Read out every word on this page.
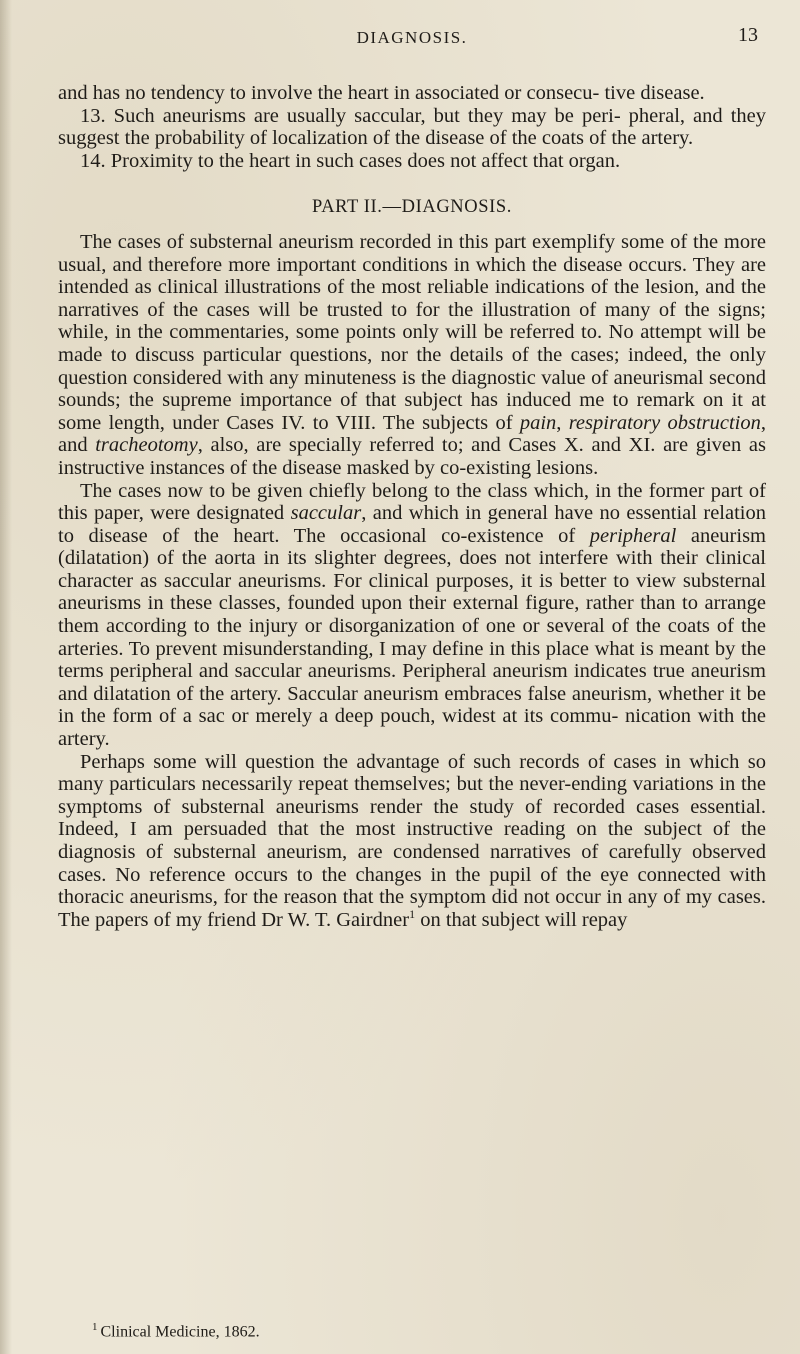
DIAGNOSIS.	13

and has no tendency to involve the heart in associated or consecu- tive disease.

13. Such aneurisms are usually saccular, but they may be peri- pheral, and they suggest the probability of localization of the disease of the coats of the artery.

14. Proximity to the heart in such cases does not affect that organ.

PART II.—DIAGNOSIS.

The cases of substernal aneurism recorded in this part exemplify some of the more usual, and therefore more important conditions in which the disease occurs. They are intended as clinical illustrations of the most reliable indications of the lesion, and the narratives of the cases will be trusted to for the illustration of many of the signs; while, in the commentaries, some points only will be referred to. No attempt will be made to discuss particular questions, nor the details of the cases; indeed, the only question considered with any minuteness is the diagnostic value of aneurismal second sounds; the supreme importance of that subject has induced me to remark on it at some length, under Cases IV. to VIII. The subjects of pain, respiratory obstruction, and tracheotomy, also, are specially referred to; and Cases X. and XI. are given as instructive instances of the disease masked by co-existing lesions.

The cases now to be given chiefly belong to the class which, in the former part of this paper, were designated saccular, and which in general have no essential relation to disease of the heart. The occasional co-existence of peripheral aneurism (dilatation) of the aorta in its slighter degrees, does not interfere with their clinical character as saccular aneurisms. For clinical purposes, it is better to view substernal aneurisms in these classes, founded upon their external figure, rather than to arrange them according to the injury or disorganization of one or several of the coats of the arteries. To prevent misunderstanding, I may define in this place what is meant by the terms peripheral and saccular aneurisms. Peripheral aneurism indicates true aneurism and dilatation of the artery. Saccular aneurism embraces false aneurism, whether it be in the form of a sac or merely a deep pouch, widest at its commu- nication with the artery.

Perhaps some will question the advantage of such records of cases in which so many particulars necessarily repeat themselves; but the never-ending variations in the symptoms of substernal aneurisms render the study of recorded cases essential. Indeed, I am persuaded that the most instructive reading on the subject of the diagnosis of substernal aneurism, are condensed narratives of carefully observed cases. No reference occurs to the changes in the pupil of the eye connected with thoracic aneurisms, for the reason that the symptom did not occur in any of my cases. The papers of my friend Dr W. T. Gairdner$^1$ on that subject will repay

$^1$ Clinical Medicine, 1862.
